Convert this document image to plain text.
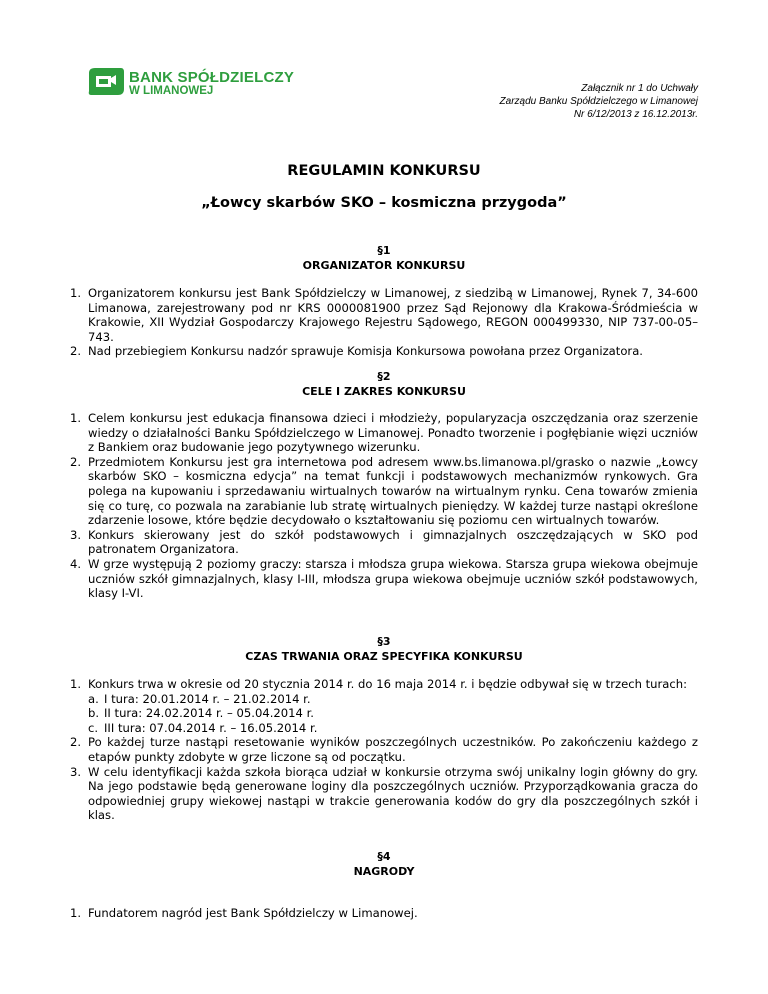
BANK SPÓŁDZIELCZY
W LIMANOWEJ	Załącznik nr 1 do Uchwały
Zarządu Banku Spółdzielczego w Limanowej
Nr 6/12/2013 z 16.12.2013r.
REGULAMIN KONKURSU
„Łowcy skarbów SKO – kosmiczna przygoda”
§1
ORGANIZATOR KONKURSU
1. Organizatorem konkursu jest Bank Spółdzielczy w Limanowej, z siedzibą w Limanowej, Rynek 7, 34-600 Limanowa, zarejestrowany pod nr KRS 0000081900 przez Sąd Rejonowy dla Krakowa-Śródmieścia w Krakowie, XII Wydział Gospodarczy Krajowego Rejestru Sądowego, REGON 000499330, NIP 737-00-05–743.
2. Nad przebiegiem Konkursu nadzór sprawuje Komisja Konkursowa powołana przez Organizatora.
§2
CELE I ZAKRES KONKURSU
1. Celem konkursu jest edukacja finansowa dzieci i młodzieży, popularyzacja oszczędzania oraz szerzenie wiedzy o działalności Banku Spółdzielczego w Limanowej. Ponadto tworzenie i pogłębianie więzi uczniów z Bankiem oraz budowanie jego pozytywnego wizerunku.
2. Przedmiotem Konkursu jest gra internetowa pod adresem www.bs.limanowa.pl/grasko o nazwie „Łowcy skarbów SKO – kosmiczna edycja” na temat funkcji i podstawowych mechanizmów rynkowych. Gra polega na kupowaniu i sprzedawaniu wirtualnych towarów na wirtualnym rynku. Cena towarów zmienia się co turę, co pozwala na zarabianie lub stratę wirtualnych pieniędzy. W każdej turze nastąpi określone zdarzenie losowe, które będzie decydowało o kształtowaniu się poziomu cen wirtualnych towarów.
3. Konkurs skierowany jest do szkół podstawowych i gimnazjalnych oszczędzających w SKO pod patronatem Organizatora.
4. W grze występują 2 poziomy graczy: starsza i młodsza grupa wiekowa. Starsza grupa wiekowa obejmuje uczniów szkół gimnazjalnych, klasy I-III, młodsza grupa wiekowa obejmuje uczniów szkół podstawowych, klasy I-VI.
§3
CZAS TRWANIA ORAZ SPECYFIKA KONKURSU
1. Konkurs trwa w okresie od 20 stycznia 2014 r. do 16 maja 2014 r. i będzie odbywał się w trzech turach:
a. I tura: 20.01.2014 r. – 21.02.2014 r.
b. II tura: 24.02.2014 r. – 05.04.2014 r.
c. III tura: 07.04.2014 r. – 16.05.2014 r.
2. Po każdej turze nastąpi resetowanie wyników poszczególnych uczestników. Po zakończeniu każdego z etapów punkty zdobyte w grze liczone są od początku.
3. W celu identyfikacji każda szkoła biorąca udział w konkursie otrzyma swój unikalny login główny do gry. Na jego podstawie będą generowane loginy dla poszczególnych uczniów. Przyporządkowania gracza do odpowiedniej grupy wiekowej nastąpi w trakcie generowania kodów do gry dla poszczególnych szkół i klas.
§4
NAGRODY
1. Fundatorem nagród jest Bank Spółdzielczy w Limanowej.
